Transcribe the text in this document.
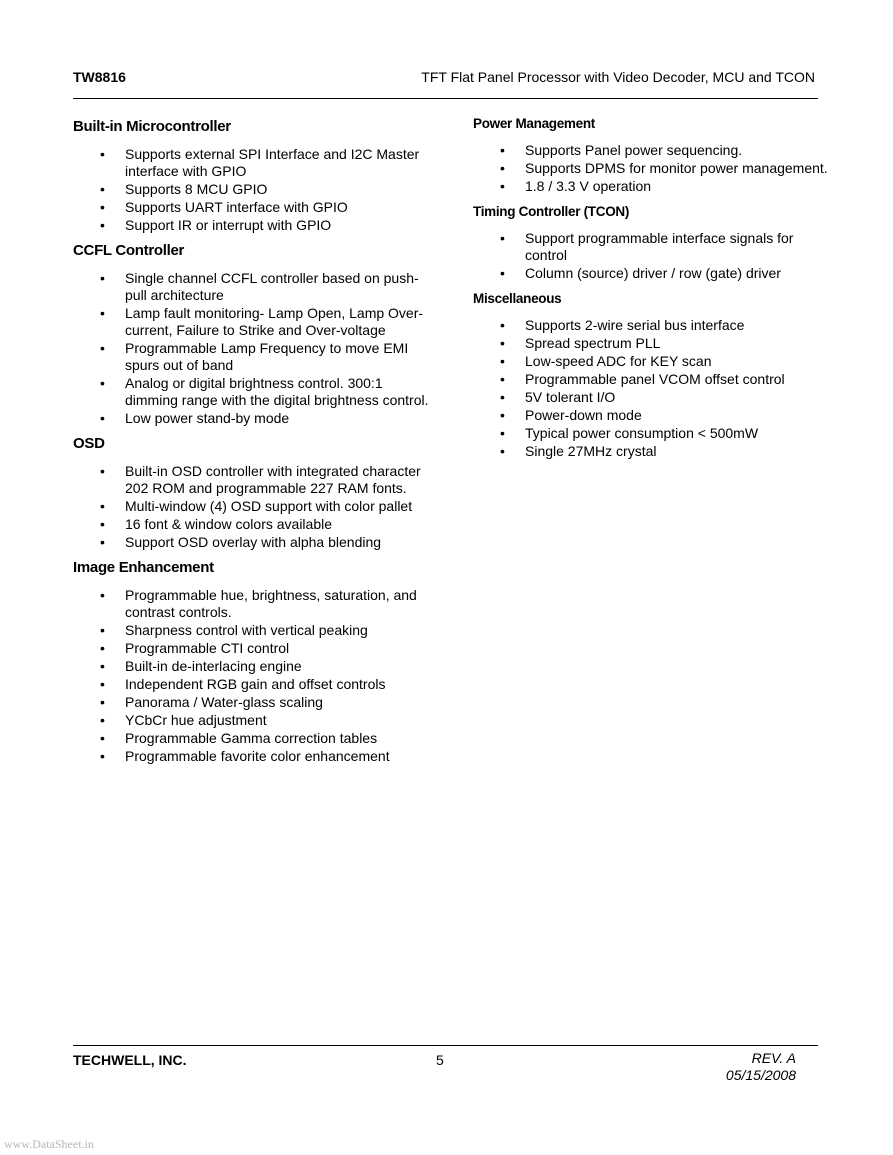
TW8816	TFT Flat Panel Processor with Video Decoder, MCU and TCON
Built-in Microcontroller
• Supports external SPI Interface and I2C Master interface with GPIO
• Supports 8 MCU GPIO
• Supports UART interface with GPIO
• Support IR or interrupt with GPIO
CCFL Controller
• Single channel CCFL controller based on push-pull architecture
• Lamp fault monitoring- Lamp Open, Lamp Over-current, Failure to Strike and Over-voltage
• Programmable Lamp Frequency to move EMI spurs out of band
• Analog or digital brightness control. 300:1 dimming range with the digital brightness control.
• Low power stand-by mode
OSD
• Built-in OSD controller with integrated character 202 ROM and programmable 227 RAM fonts.
• Multi-window (4) OSD support with color pallet
• 16 font & window colors available
• Support OSD overlay with alpha blending
Image Enhancement
• Programmable hue, brightness, saturation, and contrast controls.
• Sharpness control with vertical peaking
• Programmable CTI control
• Built-in de-interlacing engine
• Independent RGB gain and offset controls
• Panorama / Water-glass scaling
• YCbCr hue adjustment
• Programmable Gamma correction tables
• Programmable favorite color enhancement
Power Management
• Supports Panel power sequencing.
• Supports DPMS for monitor power management.
• 1.8 / 3.3 V operation
Timing Controller (TCON)
• Support programmable interface signals for control
• Column (source) driver / row (gate) driver
Miscellaneous
• Supports 2-wire serial bus interface
• Spread spectrum PLL
• Low-speed ADC for KEY scan
• Programmable panel VCOM offset control
• 5V tolerant I/O
• Power-down mode
• Typical power consumption < 500mW
• Single 27MHz crystal
TECHWELL, INC.	5	REV. A
05/15/2008
www.DataSheet.in
